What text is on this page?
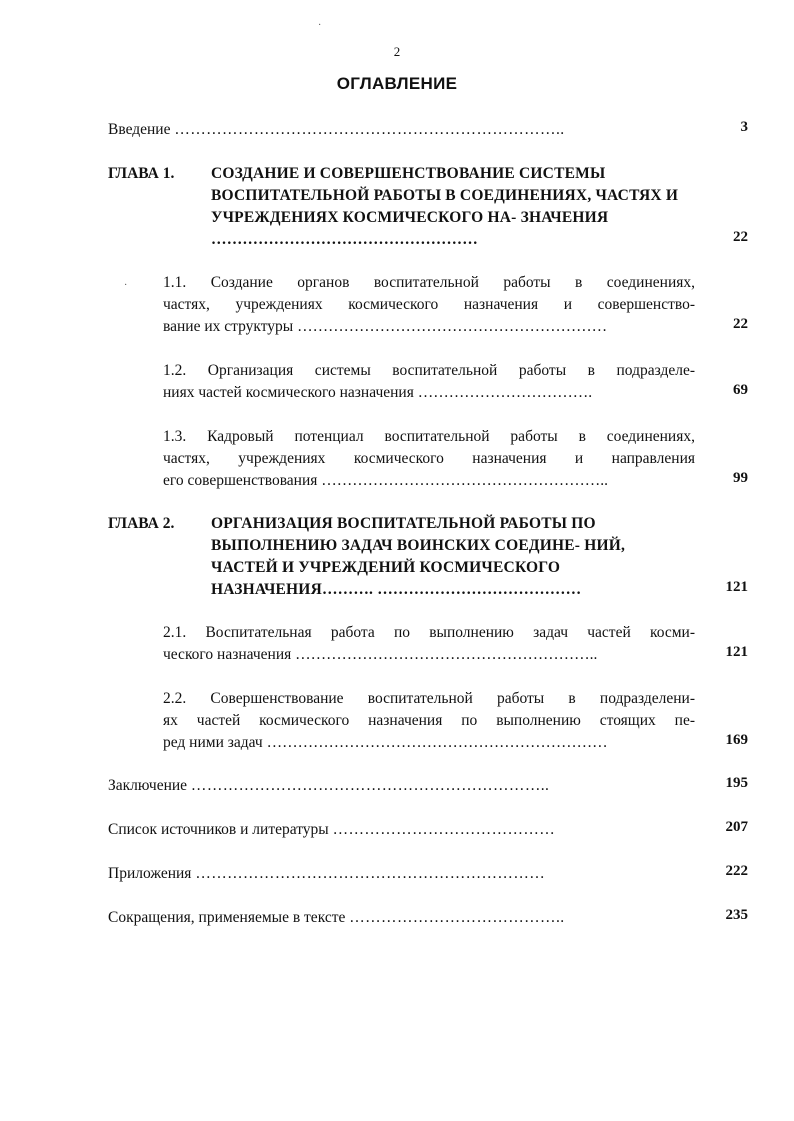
·
2
ОГЛАВЛЕНИЕ
Введение ………………………………………………………………..	3
ГЛАВА 1. СОЗДАНИЕ И СОВЕРШЕНСТВОВАНИЕ СИСТЕМЫ ВОСПИТАТЕЛЬНОЙ РАБОТЫ В СОЕДИНЕНИЯХ, ЧАСТЯХ И УЧРЕЖДЕНИЯХ КОСМИЧЕСКОГО НА- ЗНАЧЕНИЯ ……………………………………………	22
· 1.1. Создание органов воспитательной работы в соединениях,
частях, учреждениях космического назначения и совершенство-
вание их структуры ……………………………………………………	22
1.2. Организация системы воспитательной работы в подразделе-
ниях частей космического назначения …………………………….	69
1.3. Кадровый потенциал воспитательной работы в соединениях,
частях, учреждениях космического назначения и направления
его совершенствования ………………………………………………..	99
ГЛАВА 2. ОРГАНИЗАЦИЯ ВОСПИТАТЕЛЬНОЙ РАБОТЫ ПО ВЫПОЛНЕНИЮ ЗАДАЧ ВОИНСКИХ СОЕДИНЕ- НИЙ, ЧАСТЕЙ И УЧРЕЖДЕНИЙ КОСМИЧЕСКОГО НАЗНАЧЕНИЯ………. …………………………………	121
2.1. Воспитательная работа по выполнению задач частей косми-
ческого назначения …………………………………………………..	121
2.2. Совершенствование воспитательной работы в подразделени-
ях частей космического назначения по выполнению стоящих пе-
ред ними задач …………………………………………………………	169
Заключение …………………………………………………………..	195
Список источников и литературы ……………………………………	207
Приложения …………………………………………………………	222
Сокращения, применяемые в тексте …………………………………..	235
